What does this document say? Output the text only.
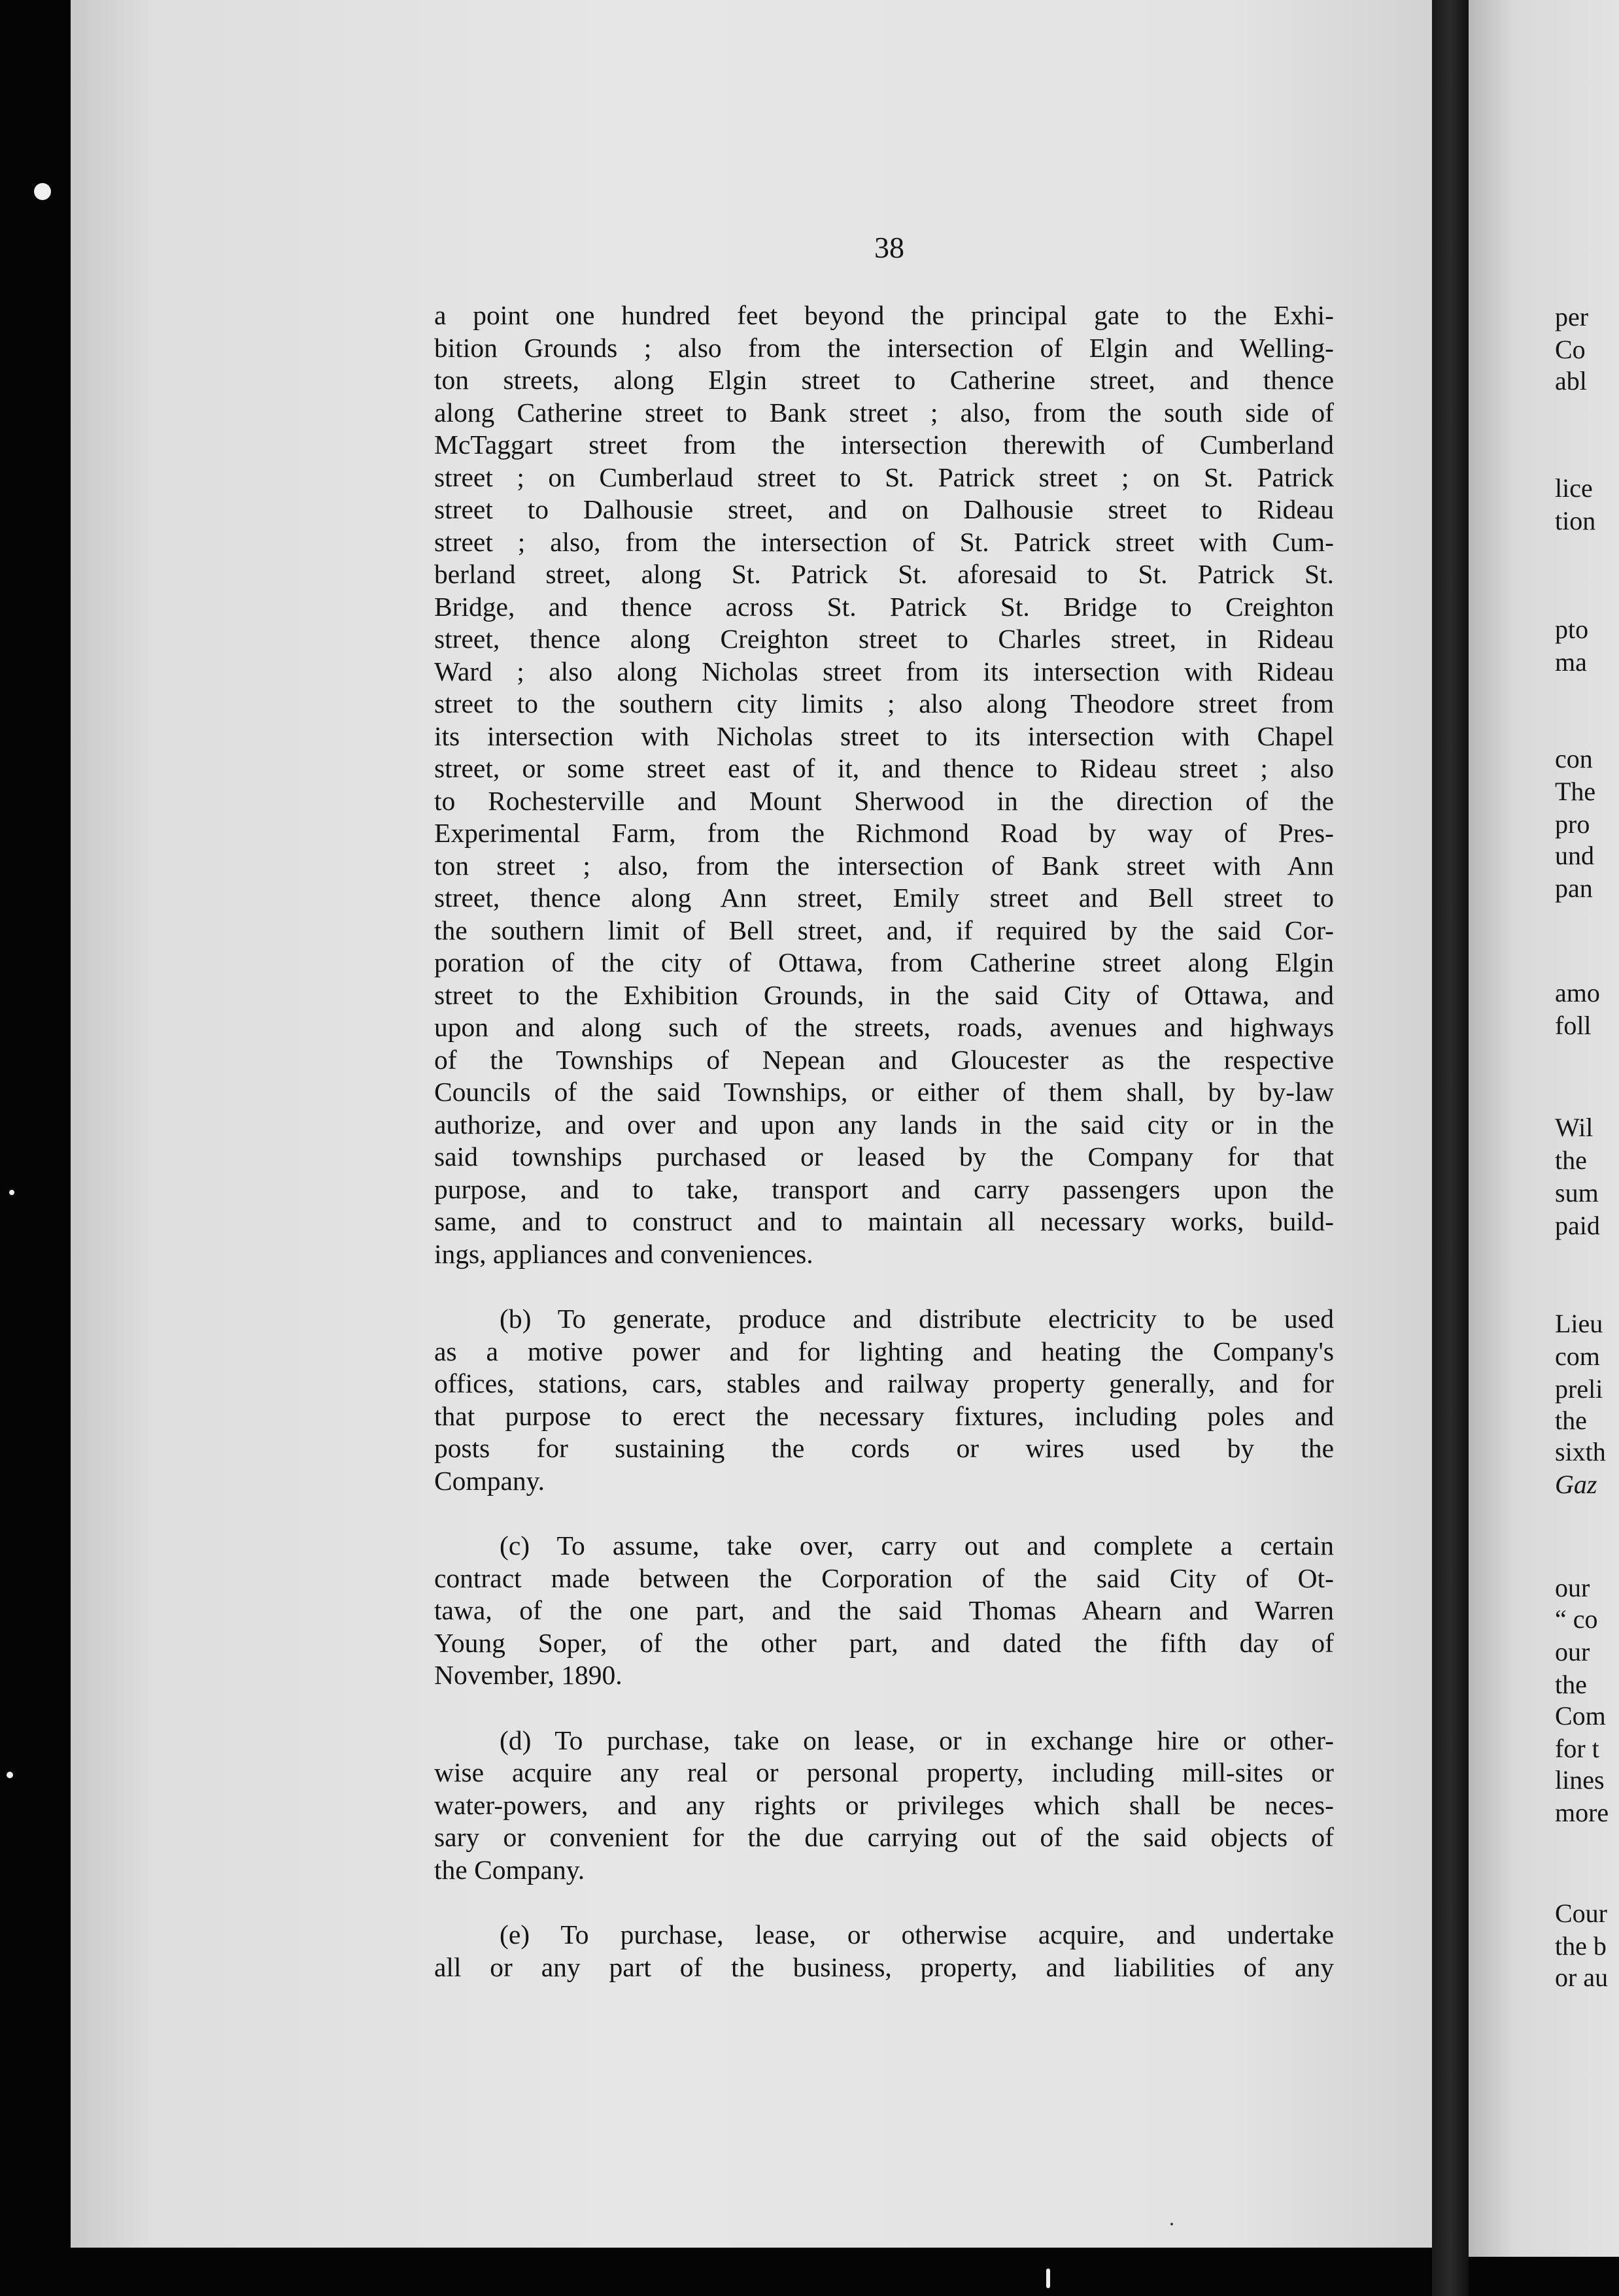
38
a point one hundred feet beyond the principal gate to the Exhi-
bition Grounds ; also from the intersection of Elgin and Welling-
ton streets, along Elgin street to Catherine street, and thence
along Catherine street to Bank street ; also, from the south side of
McTaggart street from the intersection therewith of Cumberland
street ; on Cumberlaud street to St. Patrick street ; on St. Patrick
street to Dalhousie street, and on Dalhousie street to Rideau
street ; also, from the intersection of St. Patrick street with Cum-
berland street, along St. Patrick St. aforesaid to St. Patrick St.
Bridge, and thence across St. Patrick St. Bridge to Creighton
street, thence along Creighton street to Charles street, in Rideau
Ward ; also along Nicholas street from its intersection with Rideau
street to the southern city limits ; also along Theodore street from
its intersection with Nicholas street to its intersection with Chapel
street, or some street east of it, and thence to Rideau street ; also
to Rochesterville and Mount Sherwood in the direction of the
Experimental Farm, from the Richmond Road by way of Pres-
ton street ; also, from the intersection of Bank street with Ann
street, thence along Ann street, Emily street and Bell street to
the southern limit of Bell street, and, if required by the said Cor-
poration of the city of Ottawa, from Catherine street along Elgin
street to the Exhibition Grounds, in the said City of Ottawa, and
upon and along such of the streets, roads, avenues and highways
of the Townships of Nepean and Gloucester as the respective
Councils of the said Townships, or either of them shall, by by-law
authorize, and over and upon any lands in the said city or in the
said townships purchased or leased by the Company for that
purpose, and to take, transport and carry passengers upon the
same, and to construct and to maintain all necessary works, build-
ings, appliances and conveniences.
(b) To generate, produce and distribute electricity to be used
as a motive power and for lighting and heating the Company's
offices, stations, cars, stables and railway property generally, and for
that purpose to erect the necessary fixtures, including poles and
posts for sustaining the cords or wires used by the
Company.
(c) To assume, take over, carry out and complete a certain
contract made between the Corporation of the said City of Ot-
tawa, of the one part, and the said Thomas Ahearn and Warren
Young Soper, of the other part, and dated the fifth day of
November, 1890.
(d) To purchase, take on lease, or in exchange hire or other-
wise acquire any real or personal property, including mill-sites or
water-powers, and any rights or privileges which shall be neces-
sary or convenient for the due carrying out of the said objects of
the Company.
(e) To purchase, lease, or otherwise acquire, and undertake
all or any part of the business, property, and liabilities of any
per
Co
abl
lice
tion
pto
ma
con
The
pro
und
pan
amo
foll
Wil
the
sum
paid
Lieu
com
preli
the
sixth
Gaz
our
“ co
our
the
Com
for t
lines
more
Cour
the b
or au
